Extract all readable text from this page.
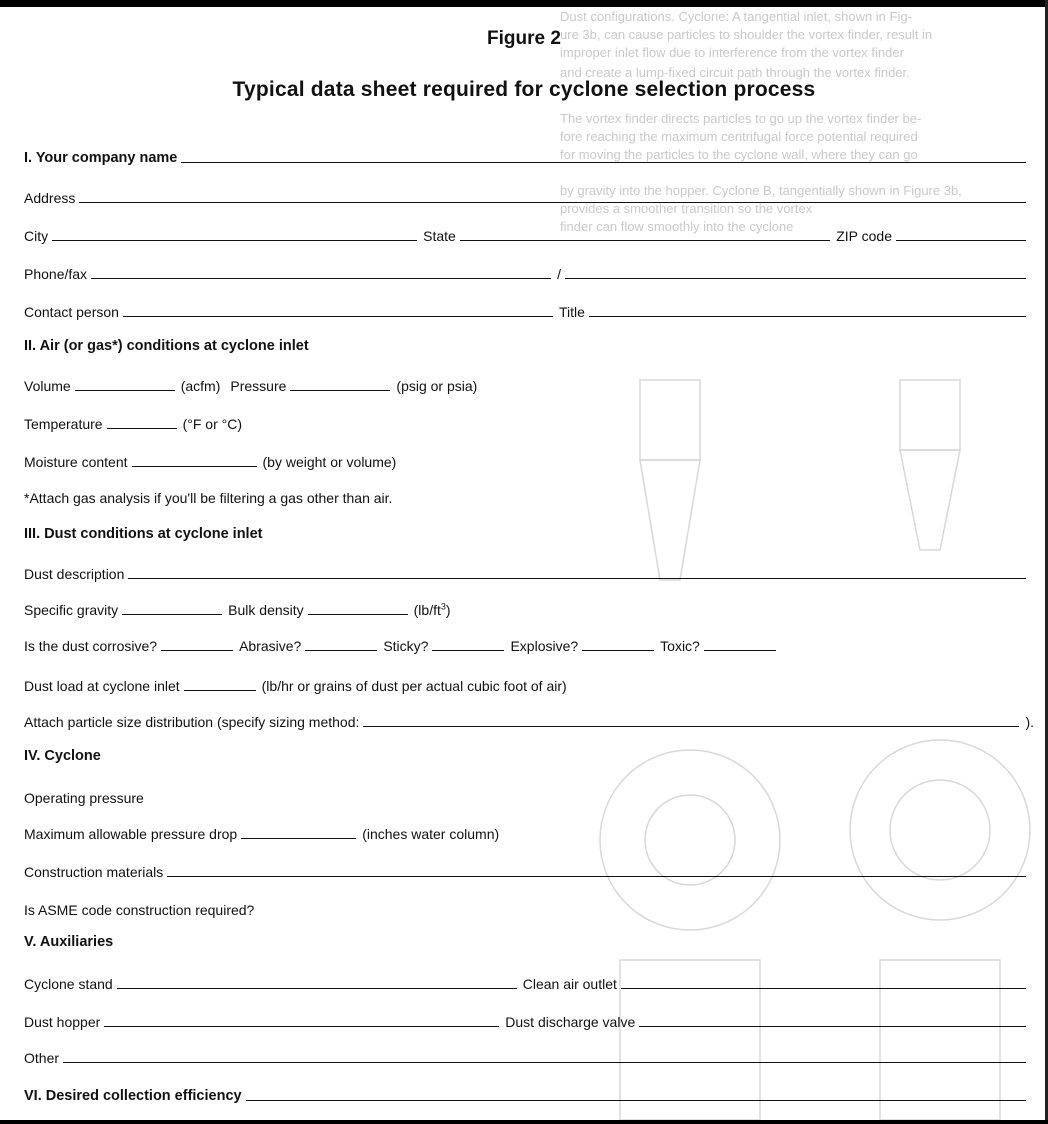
Dust configurations. Cyclone: A tangential inlet, shown in Fig-
ure 3b, can cause particles to shoulder the vortex finder, result in
improper inlet flow due to interference from the vortex finder
and create a lump-fixed circuit path through the vortex finder.
The vortex finder directs particles to go up the vortex finder be-
fore reaching the maximum centrifugal force potential required
for moving the particles to the cyclone wall, where they can go
by gravity into the hopper. Cyclone B, tangentially shown in Figure 3b,
provides a smoother transition so the vortex
finder can flow smoothly into the cyclone
Figure 2
Typical data sheet required for cyclone selection process
I. Your company name
Address
City	State	ZIP code
Phone/fax	/
Contact person	Title
II. Air (or gas*) conditions at cyclone inlet
Volume	(acfm) Pressure	(psig or psia)
Temperature	(°F or °C)
Moisture content	(by weight or volume)
*Attach gas analysis if you'll be filtering a gas other than air.
III. Dust conditions at cyclone inlet
Dust description
Specific gravity	Bulk density	$(lb/ft^3)$
Is the dust corrosive?	Abrasive?	Sticky?	Explosive?	Toxic?
Dust load at cyclone inlet	(lb/hr or grains of dust per actual cubic foot of air)
Attach particle size distribution (specify sizing method:	).
IV. Cyclone
Operating pressure
Maximum allowable pressure drop	(inches water column)
Construction materials
Is ASME code construction required?
V. Auxiliaries
Cyclone stand	Clean air outlet
Dust hopper	Dust discharge valve
Other
VI. Desired collection efficiency
